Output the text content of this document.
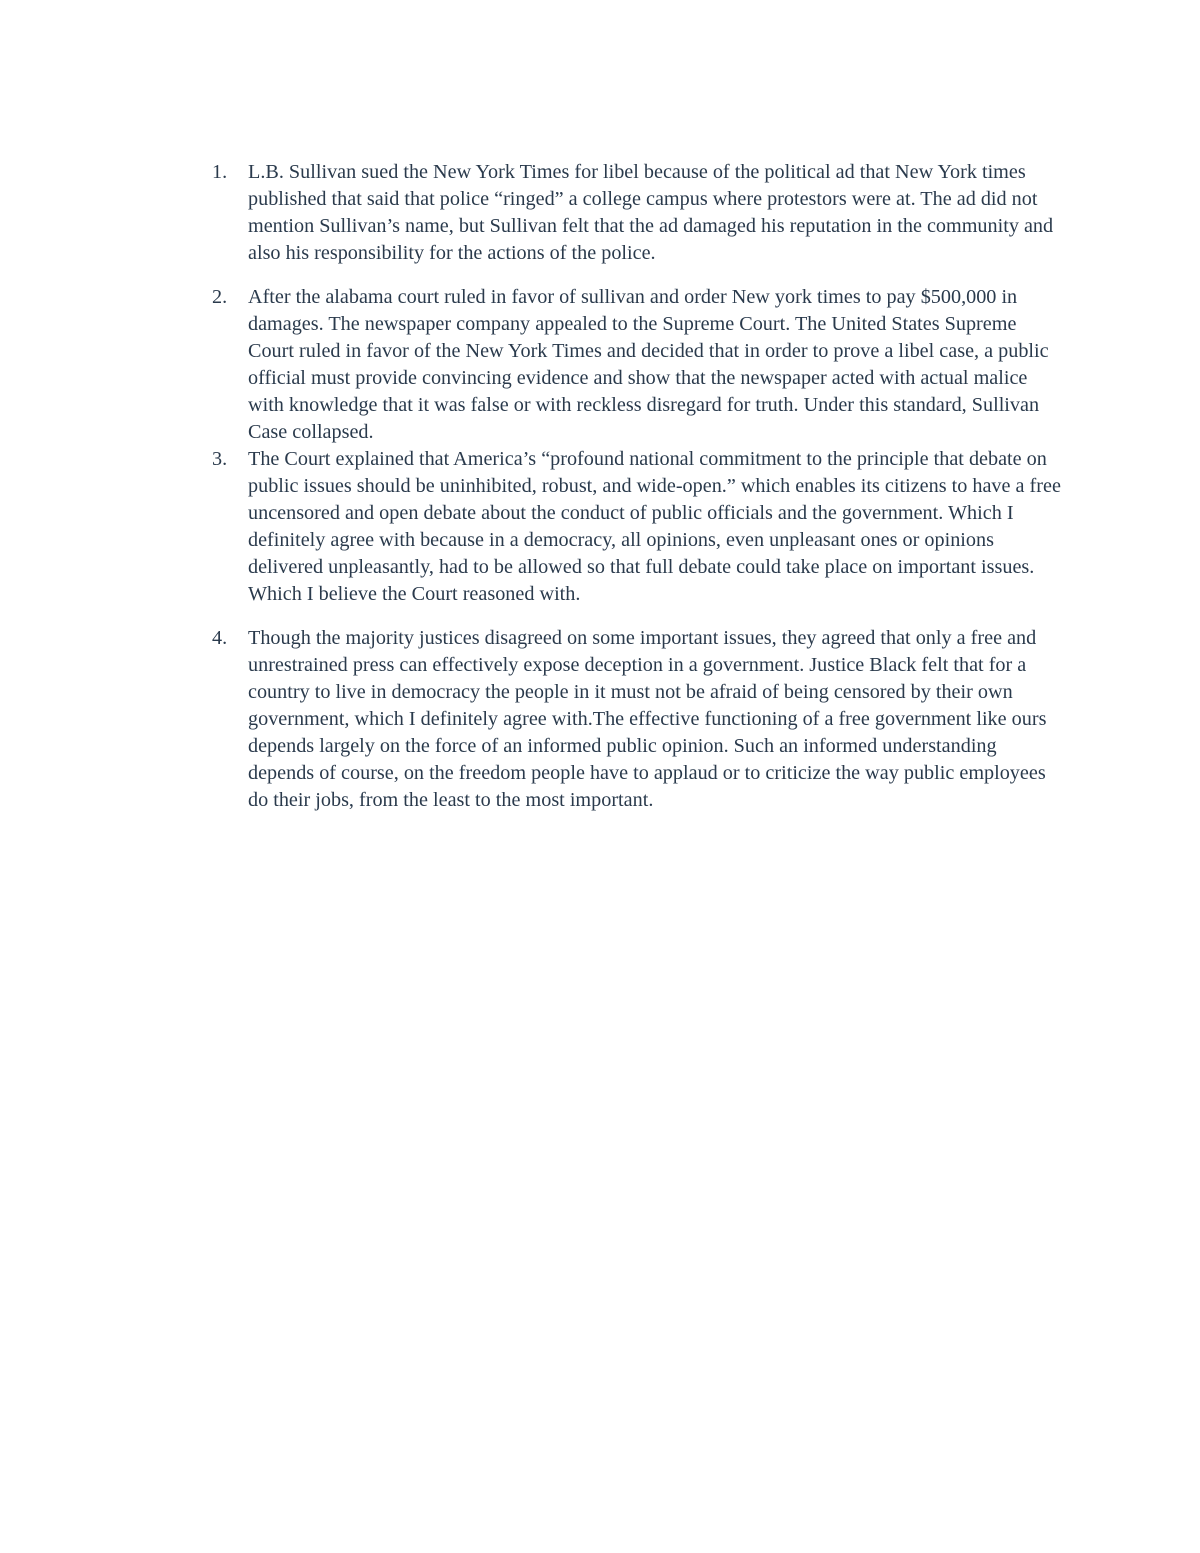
1.	L.B. Sullivan sued the New York Times for libel because of the political ad that New York times published that said that police “ringed” a college campus where protestors were at. The ad did not mention Sullivan’s name, but Sullivan felt that the ad damaged his reputation in the community and also his responsibility for the actions of the police.
2.	After the alabama court ruled in favor of sullivan and order New york times to pay $500,000 in damages. The newspaper company appealed to the Supreme Court. The United States Supreme Court ruled in favor of the New York Times and decided that in order to prove a libel case, a public official must provide convincing evidence and show that the newspaper acted with actual malice with knowledge that it was false or with reckless disregard for truth. Under this standard, Sullivan Case collapsed.
3.	The Court explained that America’s “profound national commitment to the principle that debate on public issues should be uninhibited, robust, and wide-open.” which enables its citizens to have a free uncensored and open debate about the conduct of public officials and the government. Which I definitely agree with because in a democracy, all opinions, even unpleasant ones or opinions delivered unpleasantly, had to be allowed so that full debate could take place on important issues. Which I believe the Court reasoned with.
4.	Though the majority justices disagreed on some important issues, they agreed that only a free and unrestrained press can effectively expose deception in a government. Justice Black felt that for a country to live in democracy the people in it must not be afraid of being censored by their own government, which I definitely agree with.The effective functioning of a free government like ours depends largely on the force of an informed public opinion. Such an informed understanding depends of course, on the freedom people have to applaud or to criticize the way public employees do their jobs, from the least to the most important.
